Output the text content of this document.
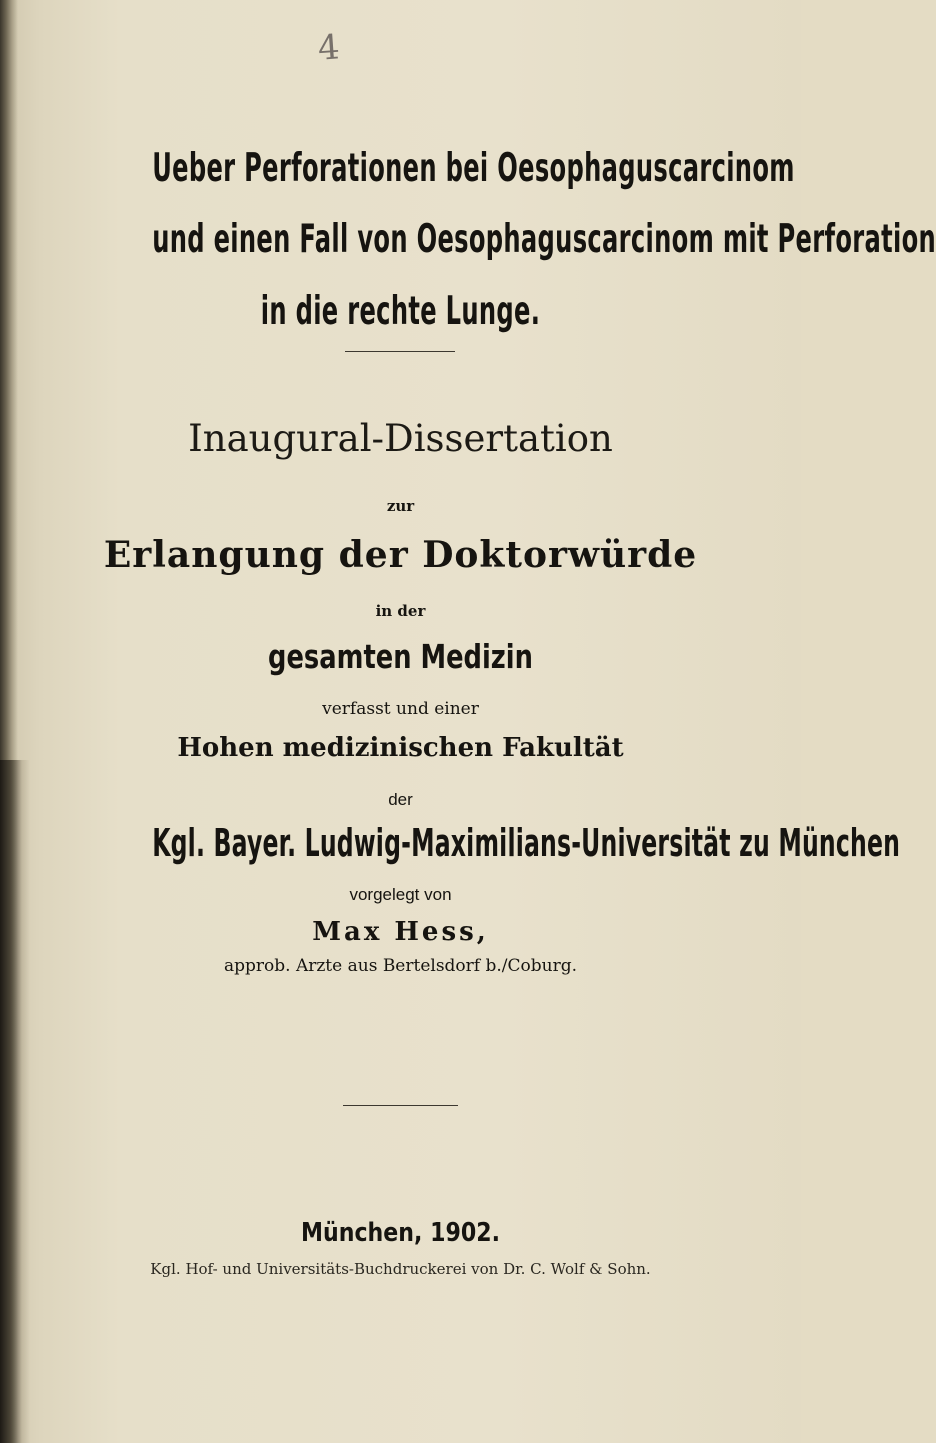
4
Ueber Perforationen bei Oesophaguscarcinom
und einen Fall von Oesophaguscarcinom mit Perforation
in die rechte Lunge.
Inaugural-Dissertation
zur
Erlangung der Doktorwürde
in der
gesamten Medizin
verfasst und einer
Hohen medizinischen Fakultät
der
Kgl. Bayer. Ludwig-Maximilians-Universität zu München
vorgelegt von
Max Hess,
approb. Arzte aus Bertelsdorf b./Coburg.
München, 1902.
Kgl. Hof- und Universitäts-Buchdruckerei von Dr. C. Wolf & Sohn.
